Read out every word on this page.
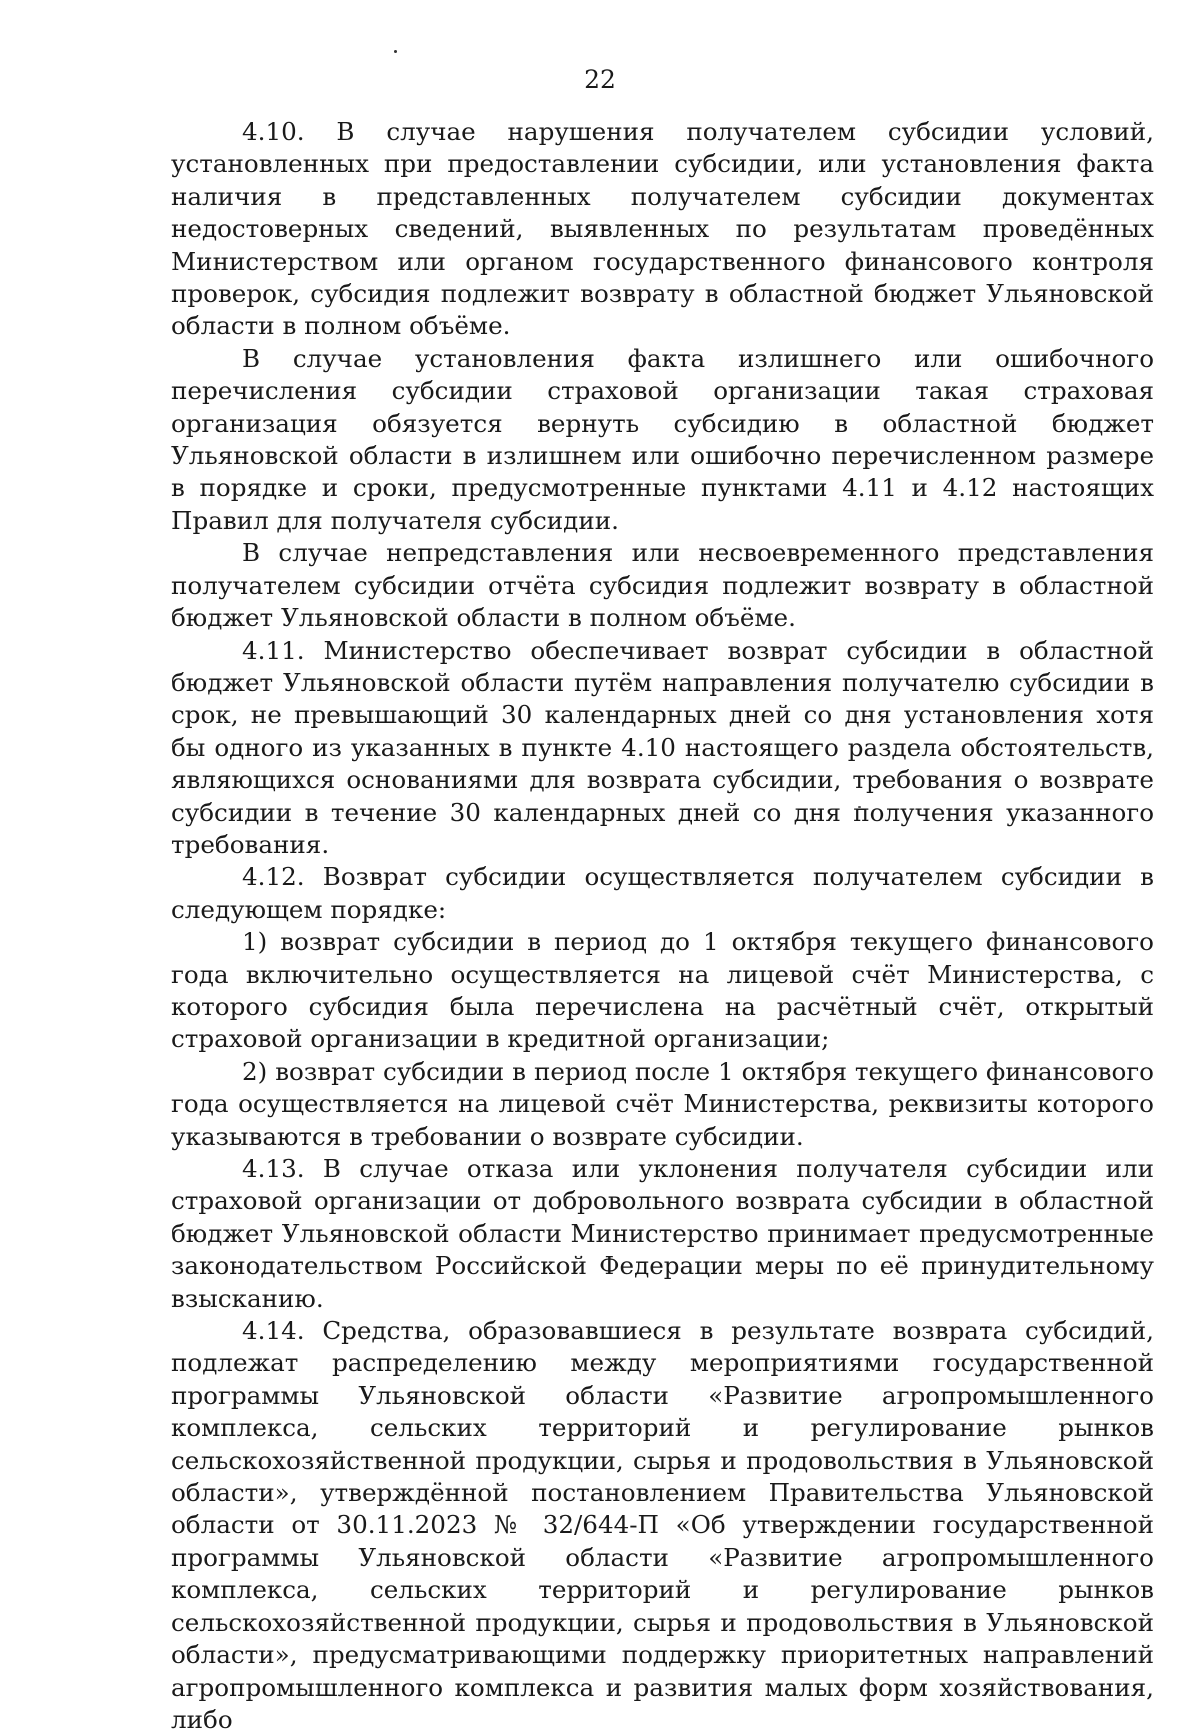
22

4.10. В случае нарушения получателем субсидии условий, установленных при предоставлении субсидии, или установления факта наличия в представленных получателем субсидии документах недостоверных сведений, выявленных по результатам проведённых Министерством или органом государственного финансового контроля проверок, субсидия подлежит возврату в областной бюджет Ульяновской области в полном объёме.

В случае установления факта излишнего или ошибочного перечисления субсидии страховой организации такая страховая организация обязуется вернуть субсидию в областной бюджет Ульяновской области в излишнем или ошибочно перечисленном размере в порядке и сроки, предусмотренные пунктами 4.11 и 4.12 настоящих Правил для получателя субсидии.

В случае непредставления или несвоевременного представления получателем субсидии отчёта субсидия подлежит возврату в областной бюджет Ульяновской области в полном объёме.

4.11. Министерство обеспечивает возврат субсидии в областной бюджет Ульяновской области путём направления получателю субсидии в срок, не превышающий 30 календарных дней со дня установления хотя бы одного из указанных в пункте 4.10 настоящего раздела обстоятельств, являющихся основаниями для возврата субсидии, требования о возврате субсидии в течение 30 календарных дней со дня получения указанного требования.

4.12. Возврат субсидии осуществляется получателем субсидии в следующем порядке:

1) возврат субсидии в период до 1 октября текущего финансового года включительно осуществляется на лицевой счёт Министерства, с которого субсидия была перечислена на расчётный счёт, открытый страховой организации в кредитной организации;

2) возврат субсидии в период после 1 октября текущего финансового года осуществляется на лицевой счёт Министерства, реквизиты которого указываются в требовании о возврате субсидии.

4.13. В случае отказа или уклонения получателя субсидии или страховой организации от добровольного возврата субсидии в областной бюджет Ульяновской области Министерство принимает предусмотренные законодательством Российской Федерации меры по её принудительному взысканию.

4.14. Средства, образовавшиеся в результате возврата субсидий, подлежат распределению между мероприятиями государственной программы Ульяновской области «Развитие агропромышленного комплекса, сельских территорий и регулирование рынков сельскохозяйственной продукции, сырья и продовольствия в Ульяновской области», утверждённой постановлением Правительства Ульяновской области от 30.11.2023 № 32/644-П «Об утверждении государственной программы Ульяновской области «Развитие агропромышленного комплекса, сельских территорий и регулирование рынков сельскохозяйственной продукции, сырья и продовольствия в Ульяновской области», предусматривающими поддержку приоритетных направлений агропромышленного комплекса и развития малых форм хозяйствования, либо
